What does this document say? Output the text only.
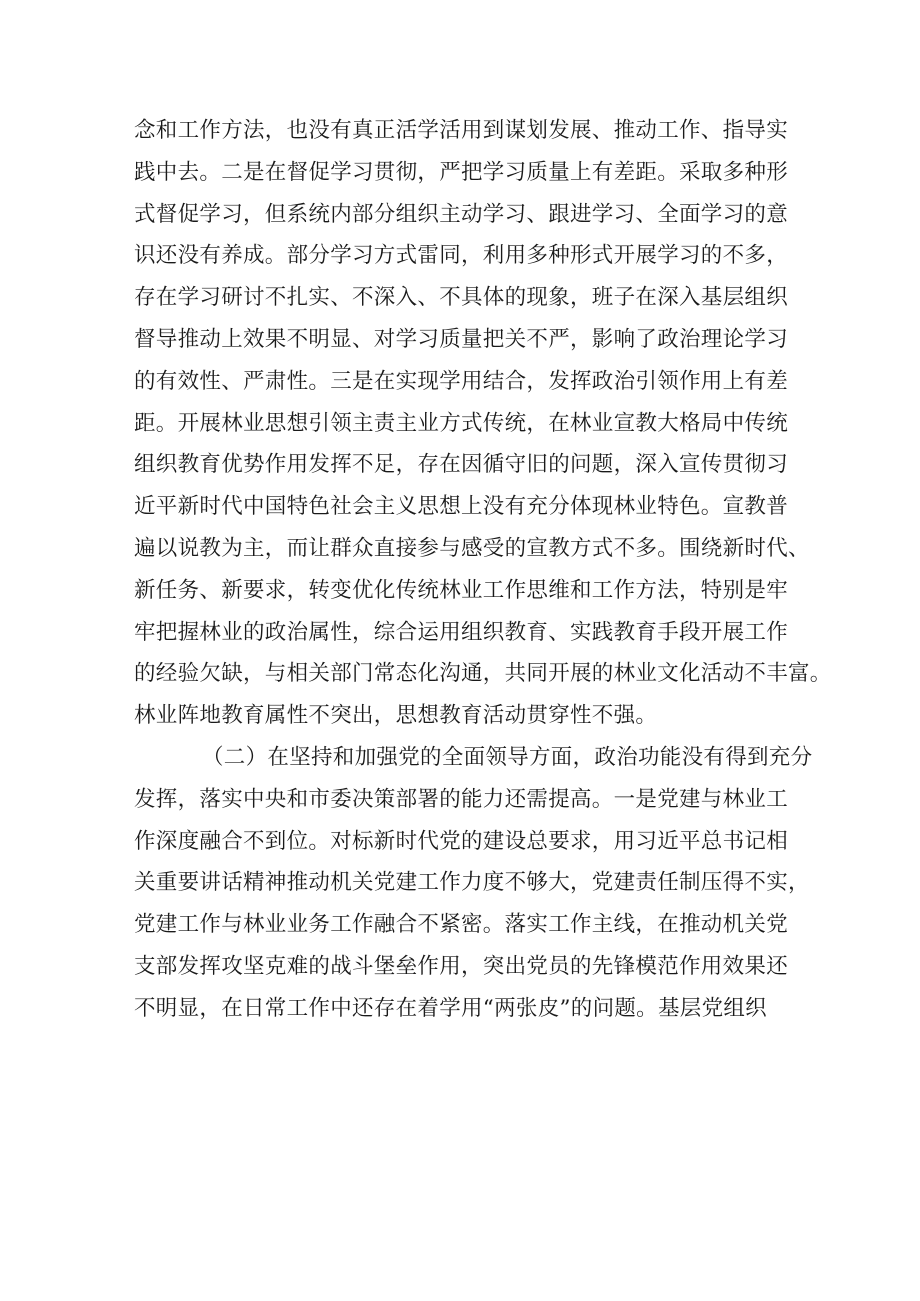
念和工作方法，也没有真正活学活用到谋划发展、推动工作、指导实
践中去。二是在督促学习贯彻，严把学习质量上有差距。采取多种形
式督促学习，但系统内部分组织主动学习、跟进学习、全面学习的意
识还没有养成。部分学习方式雷同，利用多种形式开展学习的不多，
存在学习研讨不扎实、不深入、不具体的现象，班子在深入基层组织
督导推动上效果不明显、对学习质量把关不严，影响了政治理论学习
的有效性、严肃性。三是在实现学用结合，发挥政治引领作用上有差
距。开展林业思想引领主责主业方式传统，在林业宣教大格局中传统
组织教育优势作用发挥不足，存在因循守旧的问题，深入宣传贯彻习
近平新时代中国特色社会主义思想上没有充分体现林业特色。宣教普
遍以说教为主，而让群众直接参与感受的宣教方式不多。围绕新时代、
新任务、新要求，转变优化传统林业工作思维和工作方法，特别是牢
牢把握林业的政治属性，综合运用组织教育、实践教育手段开展工作
的经验欠缺，与相关部门常态化沟通，共同开展的林业文化活动不丰富。
林业阵地教育属性不突出，思想教育活动贯穿性不强。
（二）在坚持和加强党的全面领导方面，政治功能没有得到充分
发挥，落实中央和市委决策部署的能力还需提高。一是党建与林业工
作深度融合不到位。对标新时代党的建设总要求，用习近平总书记相
关重要讲话精神推动机关党建工作力度不够大，党建责任制压得不实，
党建工作与林业业务工作融合不紧密。落实工作主线，在推动机关党
支部发挥攻坚克难的战斗堡垒作用，突出党员的先锋模范作用效果还
不明显，在日常工作中还存在着学用“两张皮”的问题。基层党组织
